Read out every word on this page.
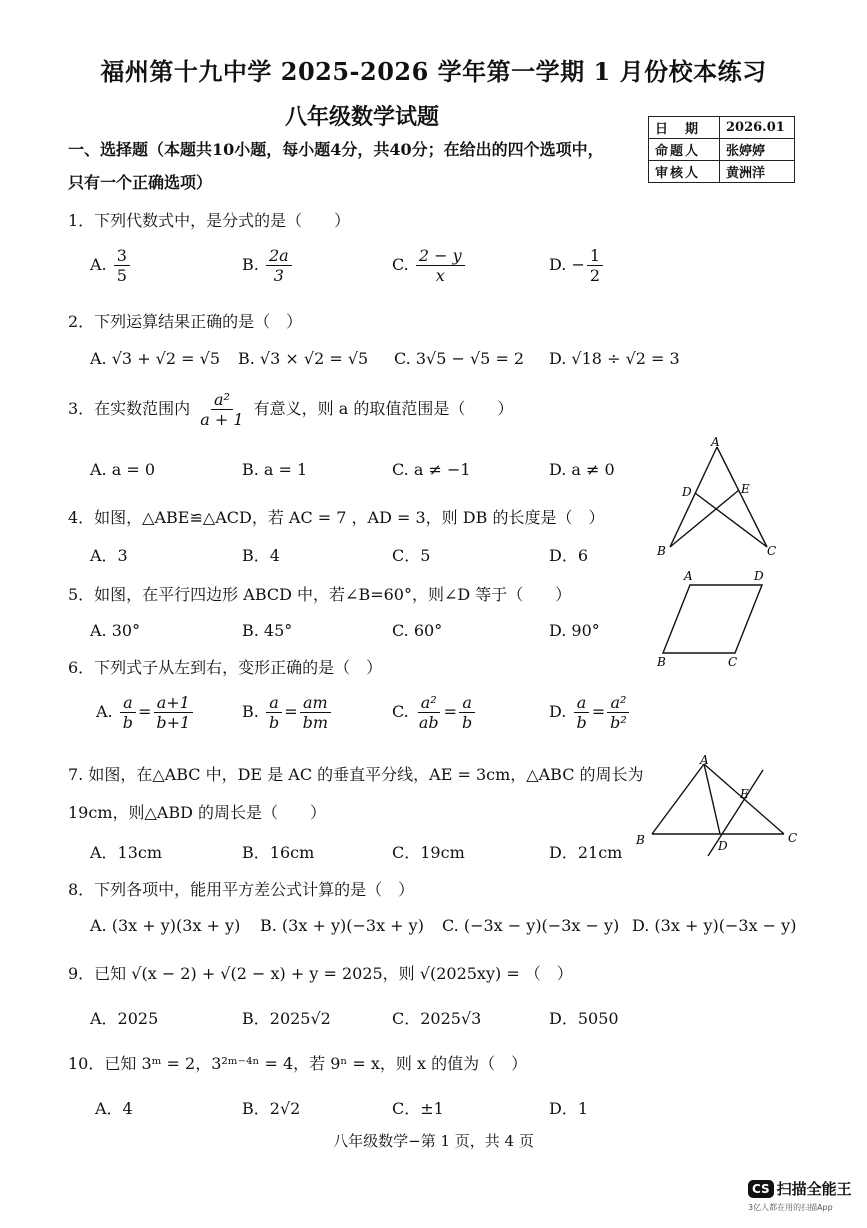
福州第十九中学 2025-2026 学年第一学期 1 月份校本练习
八年级数学试题	日　期	2026.01
命题人	张婷婷
审核人	黄洲洋
一、选择题（本题共10小题，每小题4分，共40分；在给出的四个选项中，
只有一个正确选项）
1．下列代数式中，是分式的是（　　）
A. $\frac{3}{5}$	B. $\frac{2a}{3}$	C. $\frac{2 - y}{x}$	D. − $\frac{1}{2}$
2．下列运算结果正确的是（　）
A. √3 + √2 = √5 B. √3 × √2 = √5 C. 3√5 − √5 = 2 D. √18 ÷ √2 = 3
3．在实数范围内 $\frac{\text{a²}}{a + 1}$ 有意义，则 a 的取值范围是（　　）
A. a = 0	B. a = 1	C. a ≠ −1	D. a ≠ 0
A
B	C
D	E
4．如图，△ABE≌△ACD，若 AC = 7 ，AD = 3，则 DB 的长度是（　）
A．3	B．4	C．5	D．6
A	D
B	C
5．如图，在平行四边形 ABCD 中，若∠B=60°，则∠D 等于（　　）
A. 30°	B. 45°	C. 60°	D. 90°
6．下列式子从左到右，变形正确的是（　）
A. $\frac{a}{b} = \frac{a+1}{b+1}$	B. $\frac{a}{b} = \frac{am}{bm}$	C. $\frac{\text{a²}}{ab} = \frac{a}{b}$	D. $\frac{a}{b} = \frac{\text{a²}}{\text{b²}}$
7. 如图，在△ABC 中，DE 是 AC 的垂直平分线，AE = 3cm，△ABC 的周长为
19cm，则△ABD 的周长是（　　）
A．13cm	B．16cm	C．19cm	D．21cm
A
B	C
D
E
8．下列各项中，能用平方差公式计算的是（　）
A. (3x + y)(3x + y) B. (3x + y)(−3x + y) C. (−3x − y)(−3x − y) D. (3x + y)(−3x − y)
9．已知 √(x − 2) + √(2 − x) + y = 2025，则 √(2025xy) = （　）
A．2025	B．2025√2	C．2025√3	D．5050
10．已知 3ᵐ = 2，3²ᵐ⁻⁴ⁿ = 4，若 9ⁿ = x，则 x 的值为（　）
A．4	B．2√2	C．±1	D．1
八年级数学−第 1 页，共 4 页
CS 扫描全能王
3亿人都在用的扫描App
